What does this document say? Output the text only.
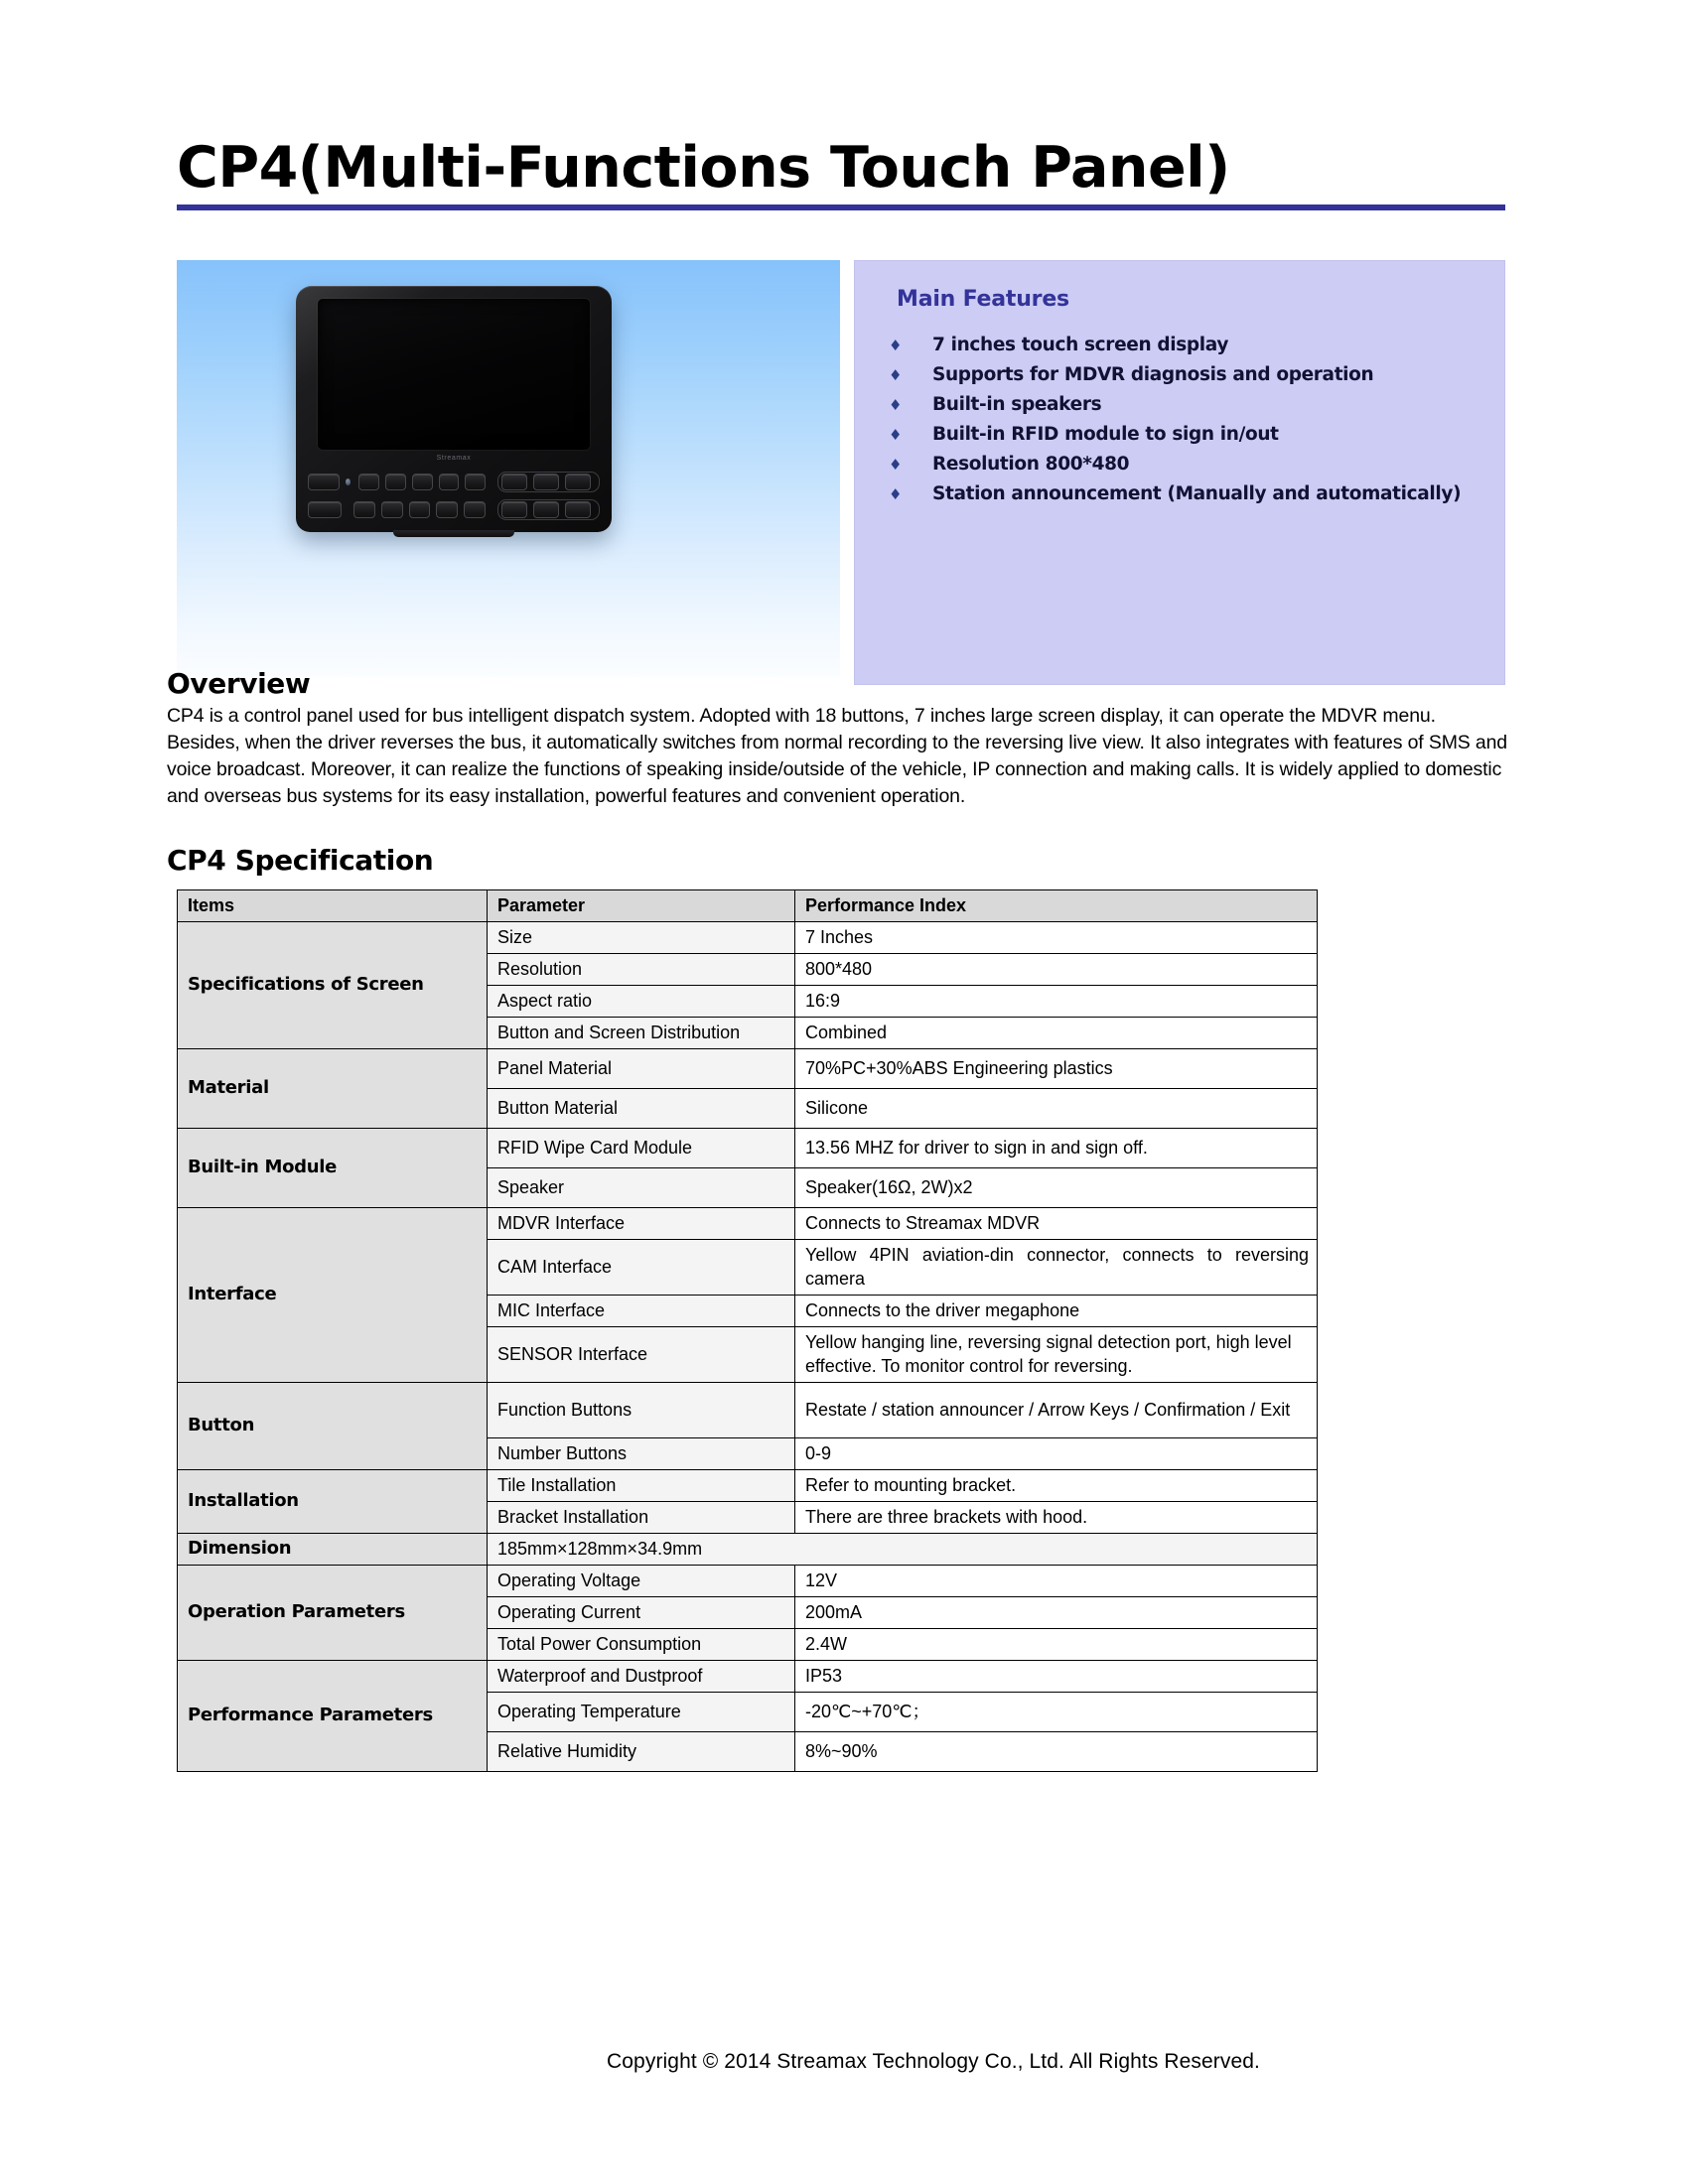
CP4(Multi-Functions Touch Panel)
Streamax
Main Features
♦ 7 inches touch screen display
♦ Supports for MDVR diagnosis and operation
♦ Built-in speakers
♦ Built-in RFID module to sign in/out
♦ Resolution 800*480
♦ Station announcement (Manually and automatically)
Overview
CP4 is a control panel used for bus intelligent dispatch system. Adopted with 18 buttons, 7 inches large screen display, it can operate the MDVR menu. Besides, when the driver reverses the bus, it automatically switches from normal recording to the reversing live view. It also integrates with features of SMS and voice broadcast. Moreover, it can realize the functions of speaking inside/outside of the vehicle, IP connection and making calls. It is widely applied to domestic and overseas bus systems for its easy installation, powerful features and convenient operation.
CP4 Specification
Items	Parameter	Performance Index
Specifications of Screen	Size	7 Inches
	Resolution	800*480
	Aspect ratio	16:9
	Button and Screen Distribution	Combined
Material	Panel Material	70%PC+30%ABS Engineering plastics
	Button Material	Silicone
Built-in Module	RFID Wipe Card Module	13.56 MHZ for driver to sign in and sign off.
	Speaker	Speaker(16Ω, 2W)x2
Interface	MDVR Interface	Connects to Streamax MDVR
	CAM Interface	Yellow 4PIN aviation-din connector, connects to reversing camera
	MIC Interface	Connects to the driver megaphone
	SENSOR Interface	Yellow hanging line, reversing signal detection port, high level effective. To monitor control for reversing.
Button	Function Buttons	Restate / station announcer / Arrow Keys / Confirmation / Exit
	Number Buttons	0-9
Installation	Tile Installation	Refer to mounting bracket.
	Bracket Installation	There are three brackets with hood.
Dimension	185mm×128mm×34.9mm	
Operation Parameters	Operating Voltage	12V
	Operating Current	200mA
	Total Power Consumption	2.4W
Performance Parameters	Waterproof and Dustproof	IP53
	Operating Temperature	-20℃~+70℃；
	Relative Humidity	8%~90%
Copyright © 2014 Streamax Technology Co., Ltd. All Rights Reserved.
